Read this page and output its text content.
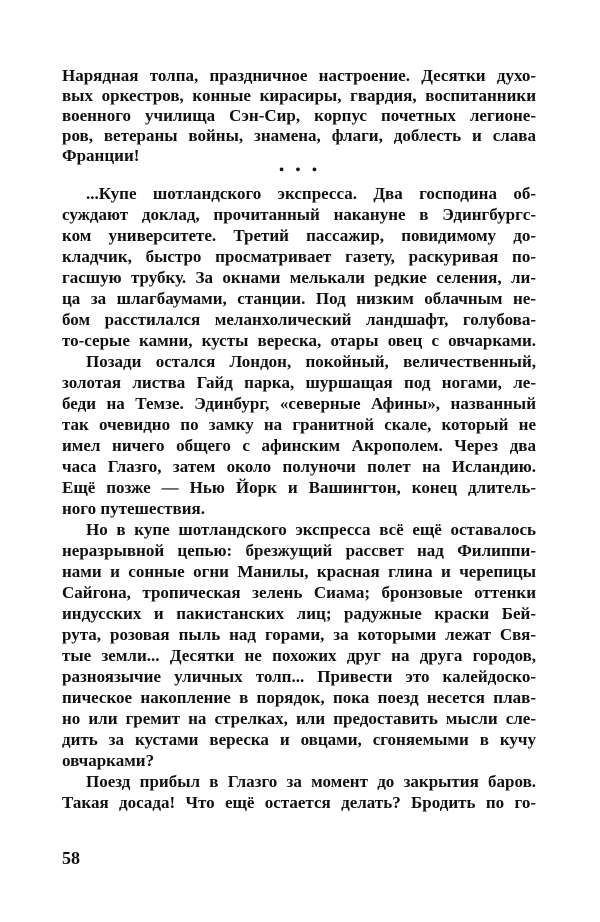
Нарядная толпа, праздничное настроение. Десятки духо-
вых оркестров, конные кирасиры, гвардия, воспитанники
военного училища Сэн-Сир, корпус почетных легионе-
ров, ветераны войны, знамена, флаги, доблесть и слава
Франции!
• • •
...Купе шотландского экспресса. Два господина об-
суждают доклад, прочитанный накануне в Эдингбургс-
ком университете. Третий пассажир, повидимому до-
кладчик, быстро просматривает газету, раскуривая по-
гасшую трубку. За окнами мелькали редкие селения, ли-
ца за шлагбаумами, станции. Под низким облачным не-
бом расстилался меланхолический ландшафт, голубова-
то-серые камни, кусты вереска, отары овец с овчарками.
Позади остался Лондон, покойный, величественный,
золотая листва Гайд парка, шуршащая под ногами, ле-
беди на Темзе. Эдинбург, «северные Афины», названный
так очевидно по замку на гранитной скале, который не
имел ничего общего с афинским Акрополем. Через два
часа Глазго, затем около полуночи полет на Исландию.
Ещё позже — Нью Йорк и Вашингтон, конец длитель-
ного путешествия.
Но в купе шотландского экспресса всё ещё оставалось
неразрывной цепью: брезжущий рассвет над Филиппи-
нами и сонные огни Манилы, красная глина и черепицы
Сайгона, тропическая зелень Сиама; бронзовые оттенки
индусских и пакистанских лиц; радужные краски Бей-
рута, розовая пыль над горами, за которыми лежат Свя-
тые земли... Десятки не похожих друг на друга городов,
разноязычие уличных толп... Привести это калейдоско-
пическое накопление в порядок, пока поезд несется плав-
но или гремит на стрелках, или предоставить мысли сле-
дить за кустами вереска и овцами, сгоняемыми в кучу
овчарками?
Поезд прибыл в Глазго за момент до закрытия баров.
Такая досада! Что ещё остается делать? Бродить по го-
58
